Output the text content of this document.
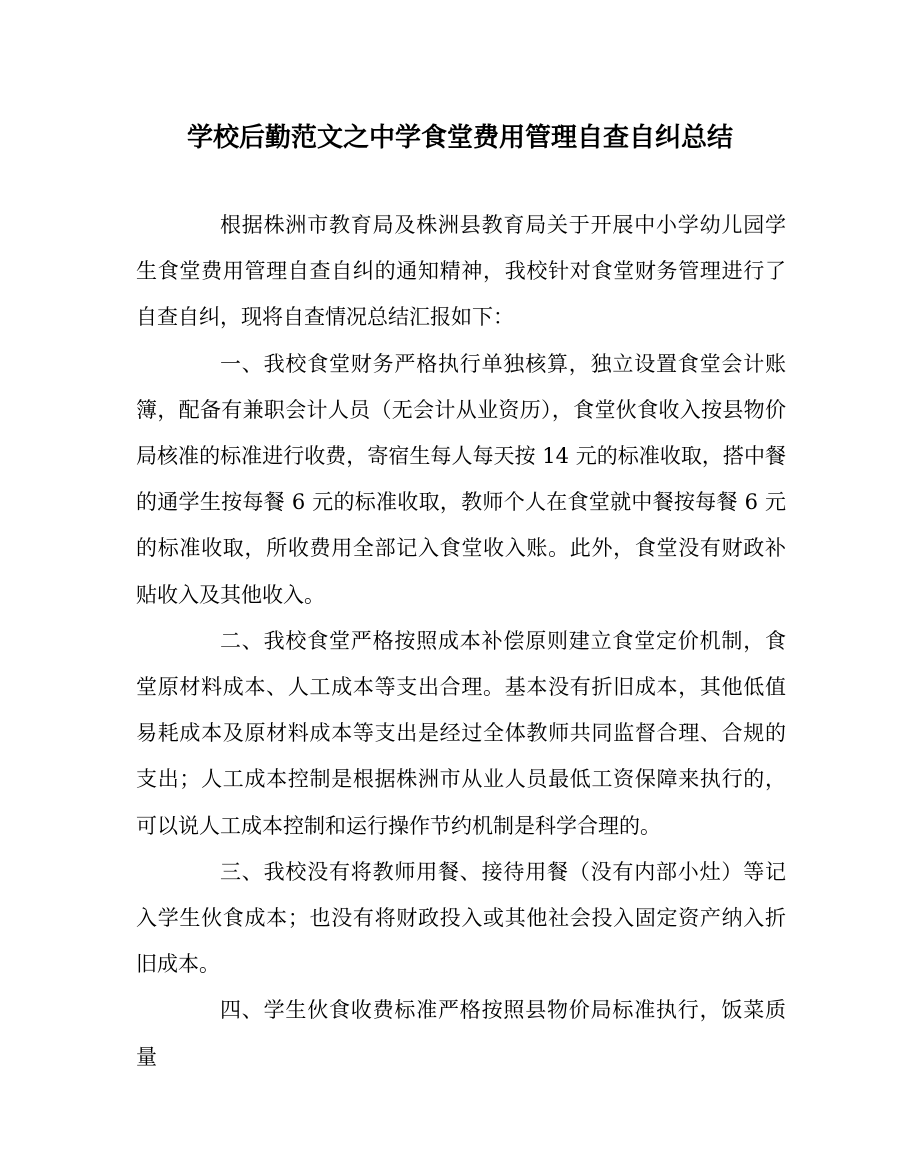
学校后勤范文之中学食堂费用管理自查自纠总结

根据株洲市教育局及株洲县教育局关于开展中小学幼儿园学生食堂费用管理自查自纠的通知精神，我校针对食堂财务管理进行了自查自纠，现将自查情况总结汇报如下：

一、我校食堂财务严格执行单独核算，独立设置食堂会计账簿，配备有兼职会计人员（无会计从业资历），食堂伙食收入按县物价局核准的标准进行收费，寄宿生每人每天按 14 元的标准收取，搭中餐的通学生按每餐 6 元的标准收取，教师个人在食堂就中餐按每餐 6 元的标准收取，所收费用全部记入食堂收入账。此外，食堂没有财政补贴收入及其他收入。

二、我校食堂严格按照成本补偿原则建立食堂定价机制，食堂原材料成本、人工成本等支出合理。基本没有折旧成本，其他低值易耗成本及原材料成本等支出是经过全体教师共同监督合理、合规的支出；人工成本控制是根据株洲市从业人员最低工资保障来执行的，可以说人工成本控制和运行操作节约机制是科学合理的。

三、我校没有将教师用餐、接待用餐（没有内部小灶）等记入学生伙食成本；也没有将财政投入或其他社会投入固定资产纳入折旧成本。

四、学生伙食收费标准严格按照县物价局标准执行，饭菜质量
